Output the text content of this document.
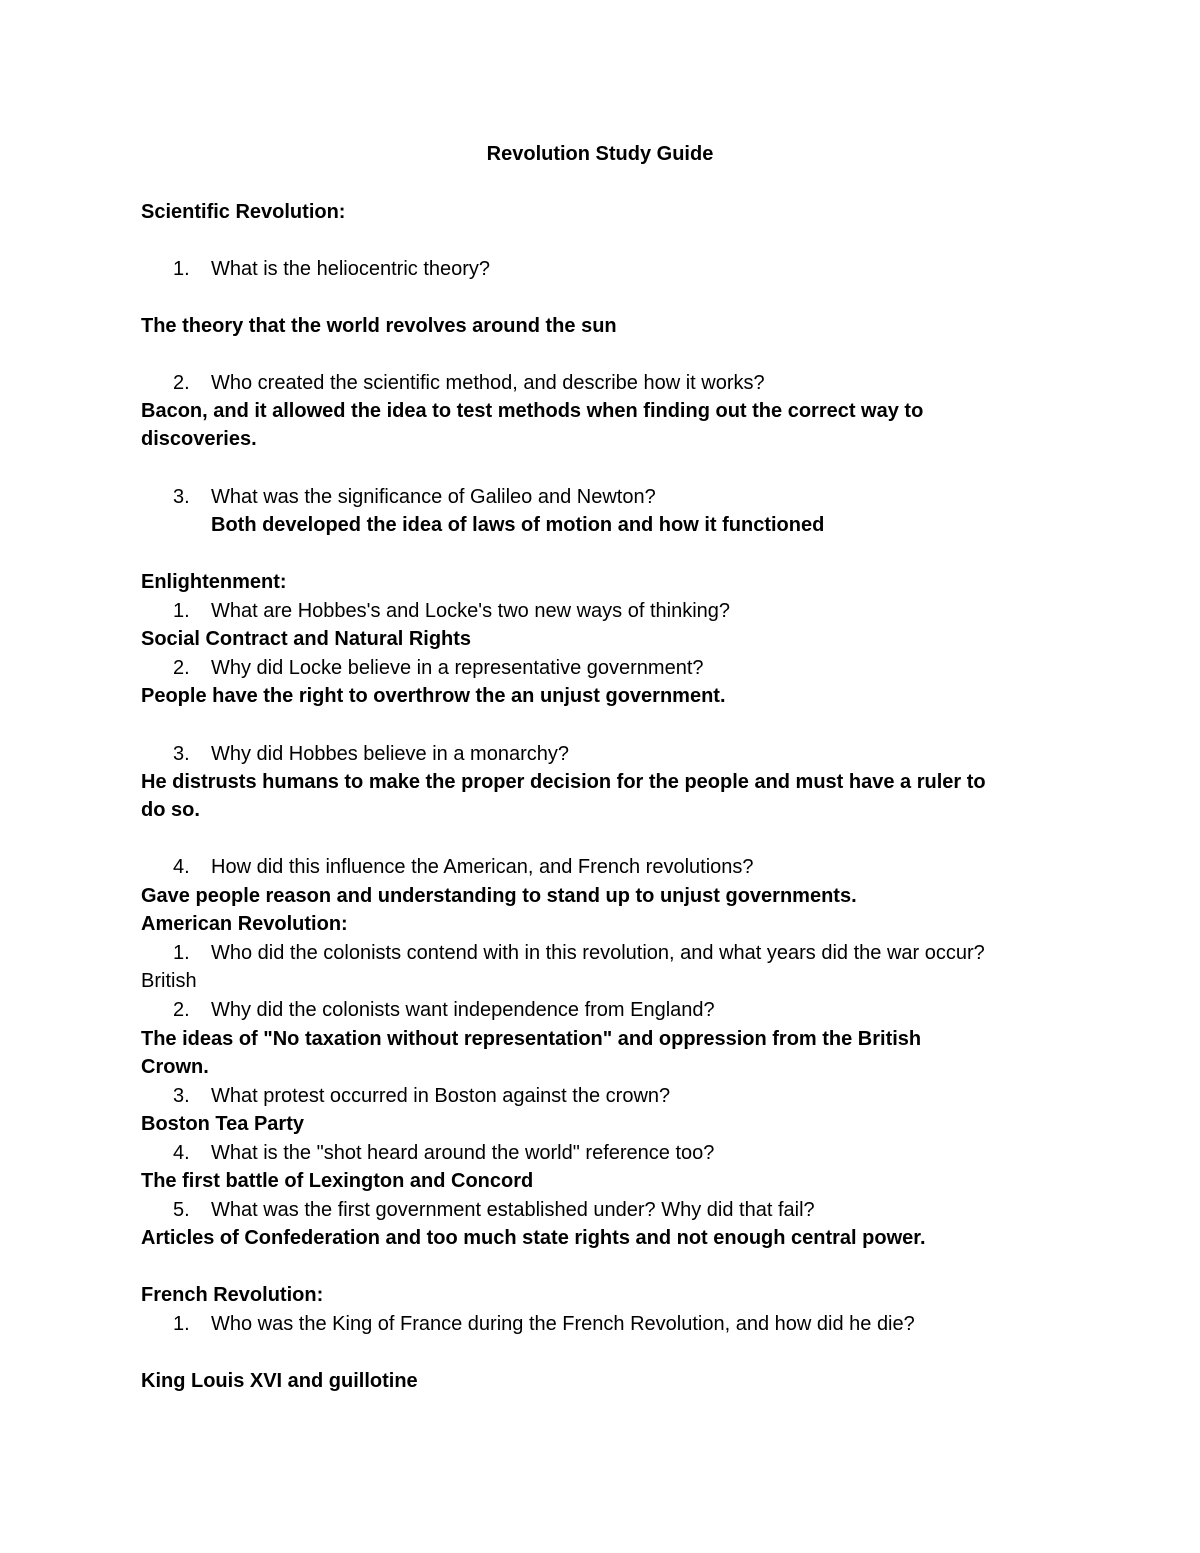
Revolution Study Guide
Scientific Revolution:
1.	What is the heliocentric theory?
The theory that the world revolves around the sun
2.	Who created the scientific method, and describe how it works?
Bacon, and it allowed the idea to test methods when finding out the correct way to
discoveries.
3.	What was the significance of Galileo and Newton?
Both developed the idea of laws of motion and how it functioned
Enlightenment:
1.	What are Hobbes's and Locke's two new ways of thinking?
Social Contract and Natural Rights
2.	Why did Locke believe in a representative government?
People have the right to overthrow the an unjust government.
3.	Why did Hobbes believe in a monarchy?
He distrusts humans to make the proper decision for the people and must have a ruler to
do so.
4.	How did this influence the American, and French revolutions?
Gave people reason and understanding to stand up to unjust governments.
American Revolution:
1.	Who did the colonists contend with in this revolution, and what years did the war occur?
British
2.	Why did the colonists want independence from England?
The ideas of "No taxation without representation" and oppression from the British
Crown.
3.	What protest occurred in Boston against the crown?
Boston Tea Party
4.	What is the "shot heard around the world" reference too?
The first battle of Lexington and Concord
5.	What was the first government established under? Why did that fail?
Articles of Confederation and too much state rights and not enough central power.
French Revolution:
1.	Who was the King of France during the French Revolution, and how did he die?
King Louis XVI and guillotine
